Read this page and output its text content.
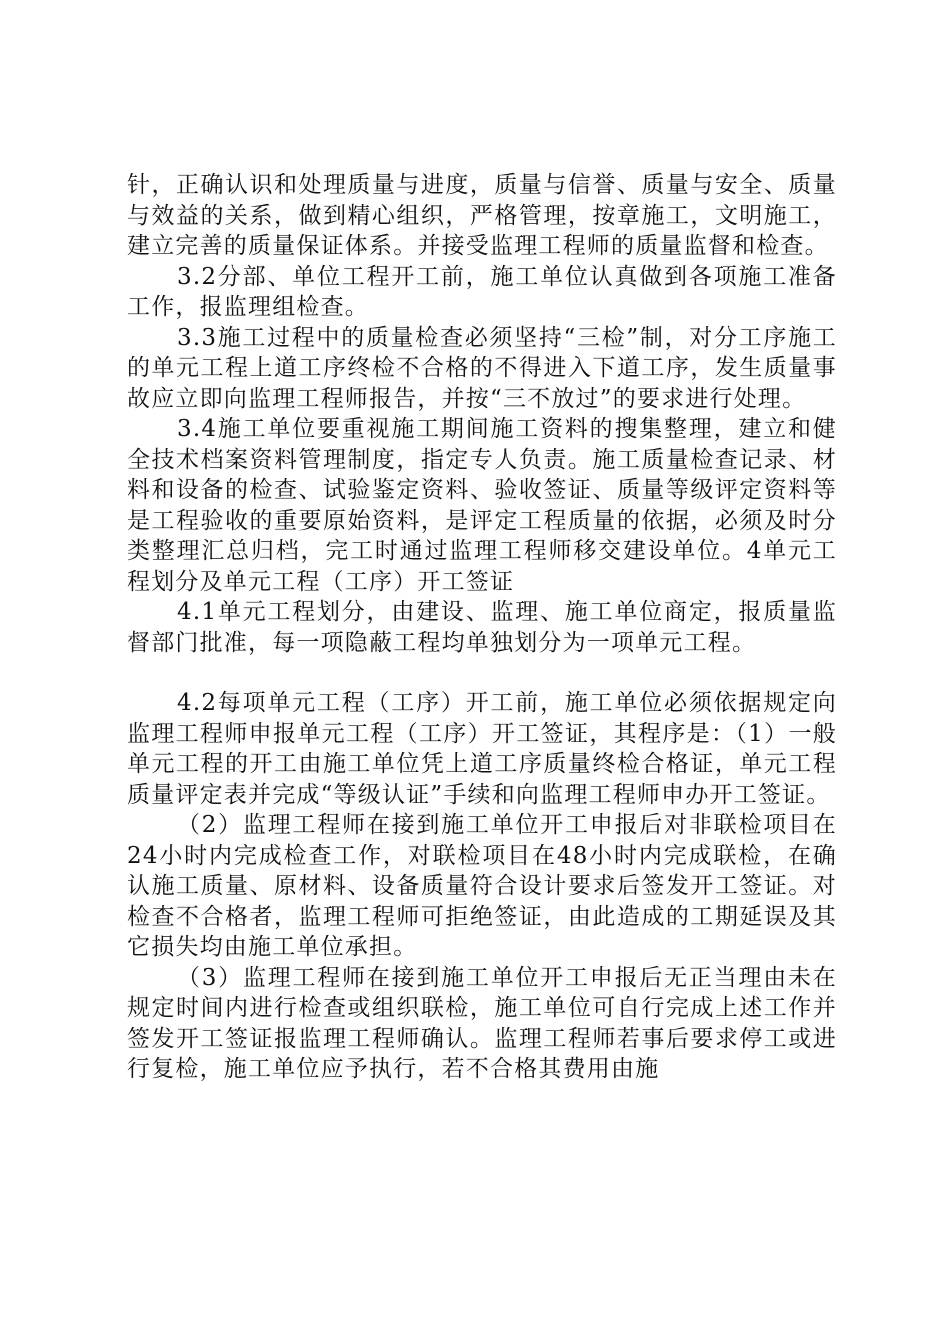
针，正确认识和处理质量与进度，质量与信誉、质量与安全、质量与效益的关系，做到精心组织，严格管理，按章施工，文明施工，建立完善的质量保证体系。并接受监理工程师的质量监督和检查。

3.2分部、单位工程开工前，施工单位认真做到各项施工准备工作，报监理组检查。

3.3施工过程中的质量检查必须坚持“三检”制，对分工序施工的单元工程上道工序终检不合格的不得进入下道工序，发生质量事故应立即向监理工程师报告，并按“三不放过”的要求进行处理。

3.4施工单位要重视施工期间施工资料的搜集整理，建立和健全技术档案资料管理制度，指定专人负责。施工质量检查记录、材料和设备的检查、试验鉴定资料、验收签证、质量等级评定资料等是工程验收的重要原始资料，是评定工程质量的依据，必须及时分类整理汇总归档，完工时通过监理工程师移交建设单位。4单元工程划分及单元工程（工序）开工签证

4.1单元工程划分，由建设、监理、施工单位商定，报质量监督部门批准，每一项隐蔽工程均单独划分为一项单元工程。

4.2每项单元工程（工序）开工前，施工单位必须依据规定向监理工程师申报单元工程（工序）开工签证，其程序是：（1）一般单元工程的开工由施工单位凭上道工序质量终检合格证，单元工程质量评定表并完成“等级认证”手续和向监理工程师申办开工签证。

（2）监理工程师在接到施工单位开工申报后对非联检项目在24小时内完成检查工作，对联检项目在48小时内完成联检，在确认施工质量、原材料、设备质量符合设计要求后签发开工签证。对检查不合格者，监理工程师可拒绝签证，由此造成的工期延误及其它损失均由施工单位承担。

（3）监理工程师在接到施工单位开工申报后无正当理由未在规定时间内进行检查或组织联检，施工单位可自行完成上述工作并签发开工签证报监理工程师确认。监理工程师若事后要求停工或进行复检，施工单位应予执行，若不合格其费用由施
